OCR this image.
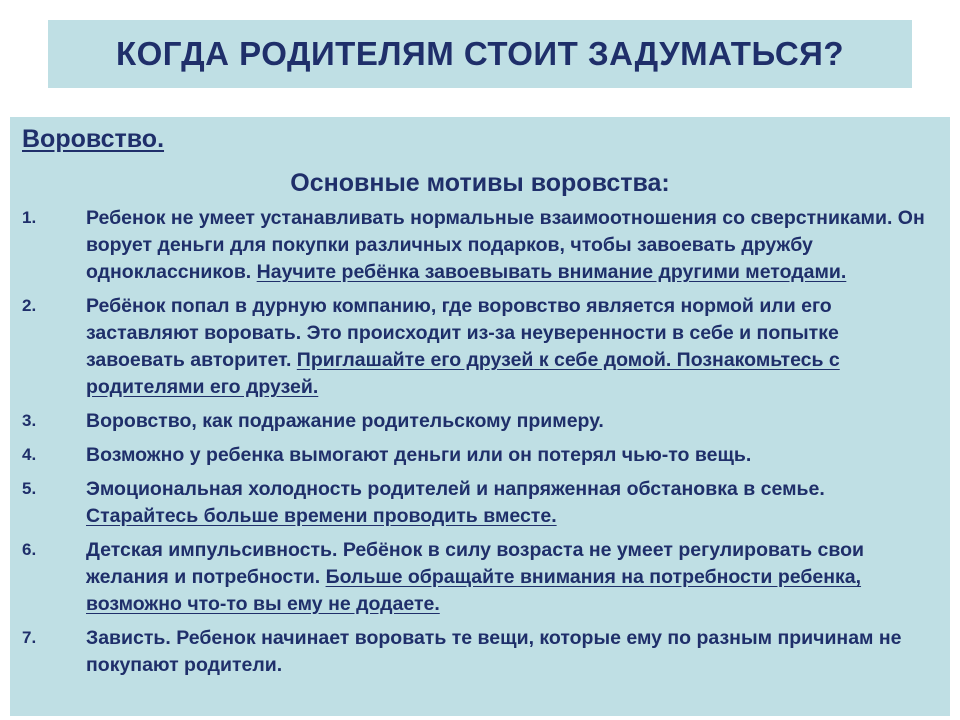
КОГДА РОДИТЕЛЯМ СТОИТ ЗАДУМАТЬСЯ?
Воровство.
Основные мотивы воровства:
1.	Ребенок не умеет устанавливать нормальные взаимоотношения со сверстниками. Он ворует деньги для покупки различных подарков, чтобы завоевать дружбу одноклассников. Научите ребёнка завоевывать внимание другими методами.
2.	Ребёнок попал в дурную компанию, где воровство является нормой или его заставляют воровать. Это происходит из-за неуверенности в себе и попытке завоевать авторитет. Приглашайте его друзей к себе домой. Познакомьтесь с родителями его друзей.
3.	Воровство, как подражание родительскому примеру.
4.	Возможно у ребенка вымогают деньги или он потерял чью-то вещь.
5.	Эмоциональная холодность родителей и напряженная обстановка в семье. Старайтесь больше времени проводить вместе.
6.	Детская импульсивность. Ребёнок в силу возраста не умеет регулировать свои желания и потребности. Больше обращайте внимания на потребности ребенка, возможно что-то вы ему не додаете.
7.	Зависть. Ребенок начинает воровать те вещи, которые ему по разным причинам не покупают родители.
